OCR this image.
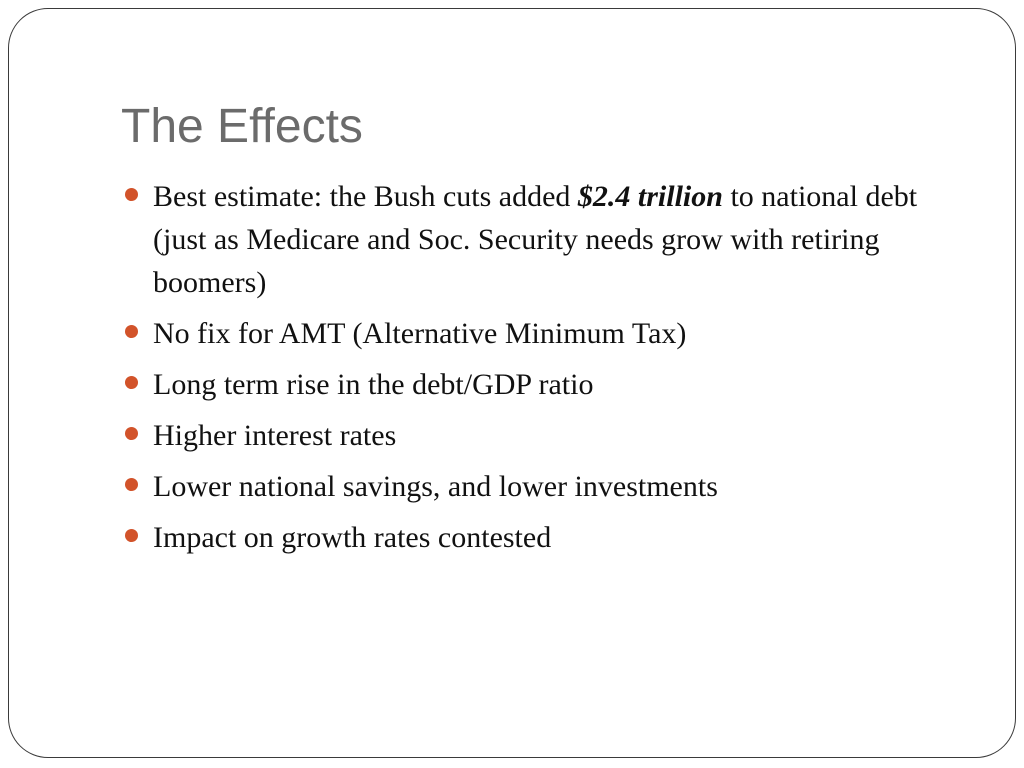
The Effects
Best estimate: the Bush cuts added $2.4 trillion to national debt (just as Medicare and Soc. Security needs grow with retiring boomers)
No fix for AMT (Alternative Minimum Tax)
Long term rise in the debt/GDP ratio
Higher interest rates
Lower national savings, and lower investments
Impact on growth rates contested
